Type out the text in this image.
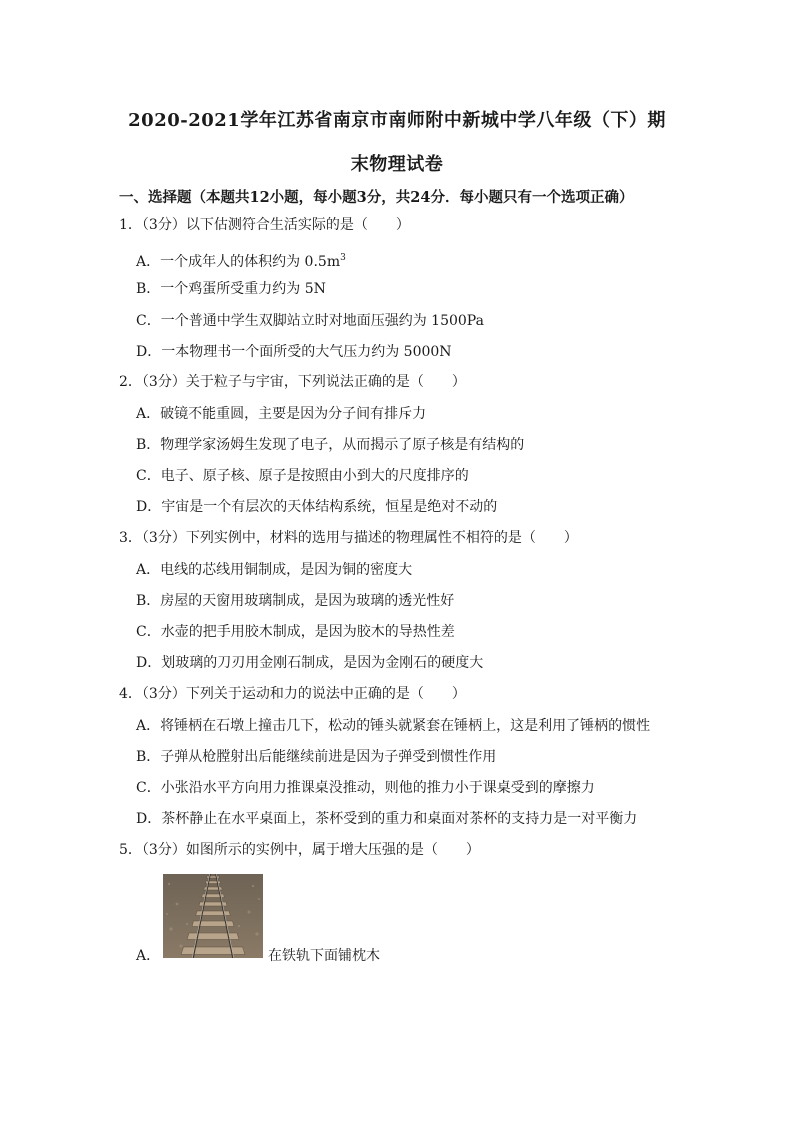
2020-2021学年江苏省南京市南师附中新城中学八年级（下）期
末物理试卷
一、选择题（本题共12小题，每小题3分，共24分．每小题只有一个选项正确）
1．（3分）以下估测符合生活实际的是（　　）
A．一个成年人的体积约为 $0.5m^3$
B．一个鸡蛋所受重力约为 5N
C．一个普通中学生双脚站立时对地面压强约为 1500Pa
D．一本物理书一个面所受的大气压力约为 5000N
2．（3分）关于粒子与宇宙，下列说法正确的是（　　）
A．破镜不能重圆，主要是因为分子间有排斥力
B．物理学家汤姆生发现了电子，从而揭示了原子核是有结构的
C．电子、原子核、原子是按照由小到大的尺度排序的
D．宇宙是一个有层次的天体结构系统，恒星是绝对不动的
3．（3分）下列实例中，材料的选用与描述的物理属性不相符的是（　　）
A．电线的芯线用铜制成，是因为铜的密度大
B．房屋的天窗用玻璃制成，是因为玻璃的透光性好
C．水壶的把手用胶木制成，是因为胶木的导热性差
D．划玻璃的刀刃用金刚石制成，是因为金刚石的硬度大
4．（3分）下列关于运动和力的说法中正确的是（　　）
A．将锤柄在石墩上撞击几下，松动的锤头就紧套在锤柄上，这是利用了锤柄的惯性
B．子弹从枪膛射出后能继续前进是因为子弹受到惯性作用
C．小张沿水平方向用力推课桌没推动，则他的推力小于课桌受到的摩擦力
D．茶杯静止在水平桌面上，茶杯受到的重力和桌面对茶杯的支持力是一对平衡力
5．（3分）如图所示的实例中，属于增大压强的是（　　）
A．	在铁轨下面铺枕木
